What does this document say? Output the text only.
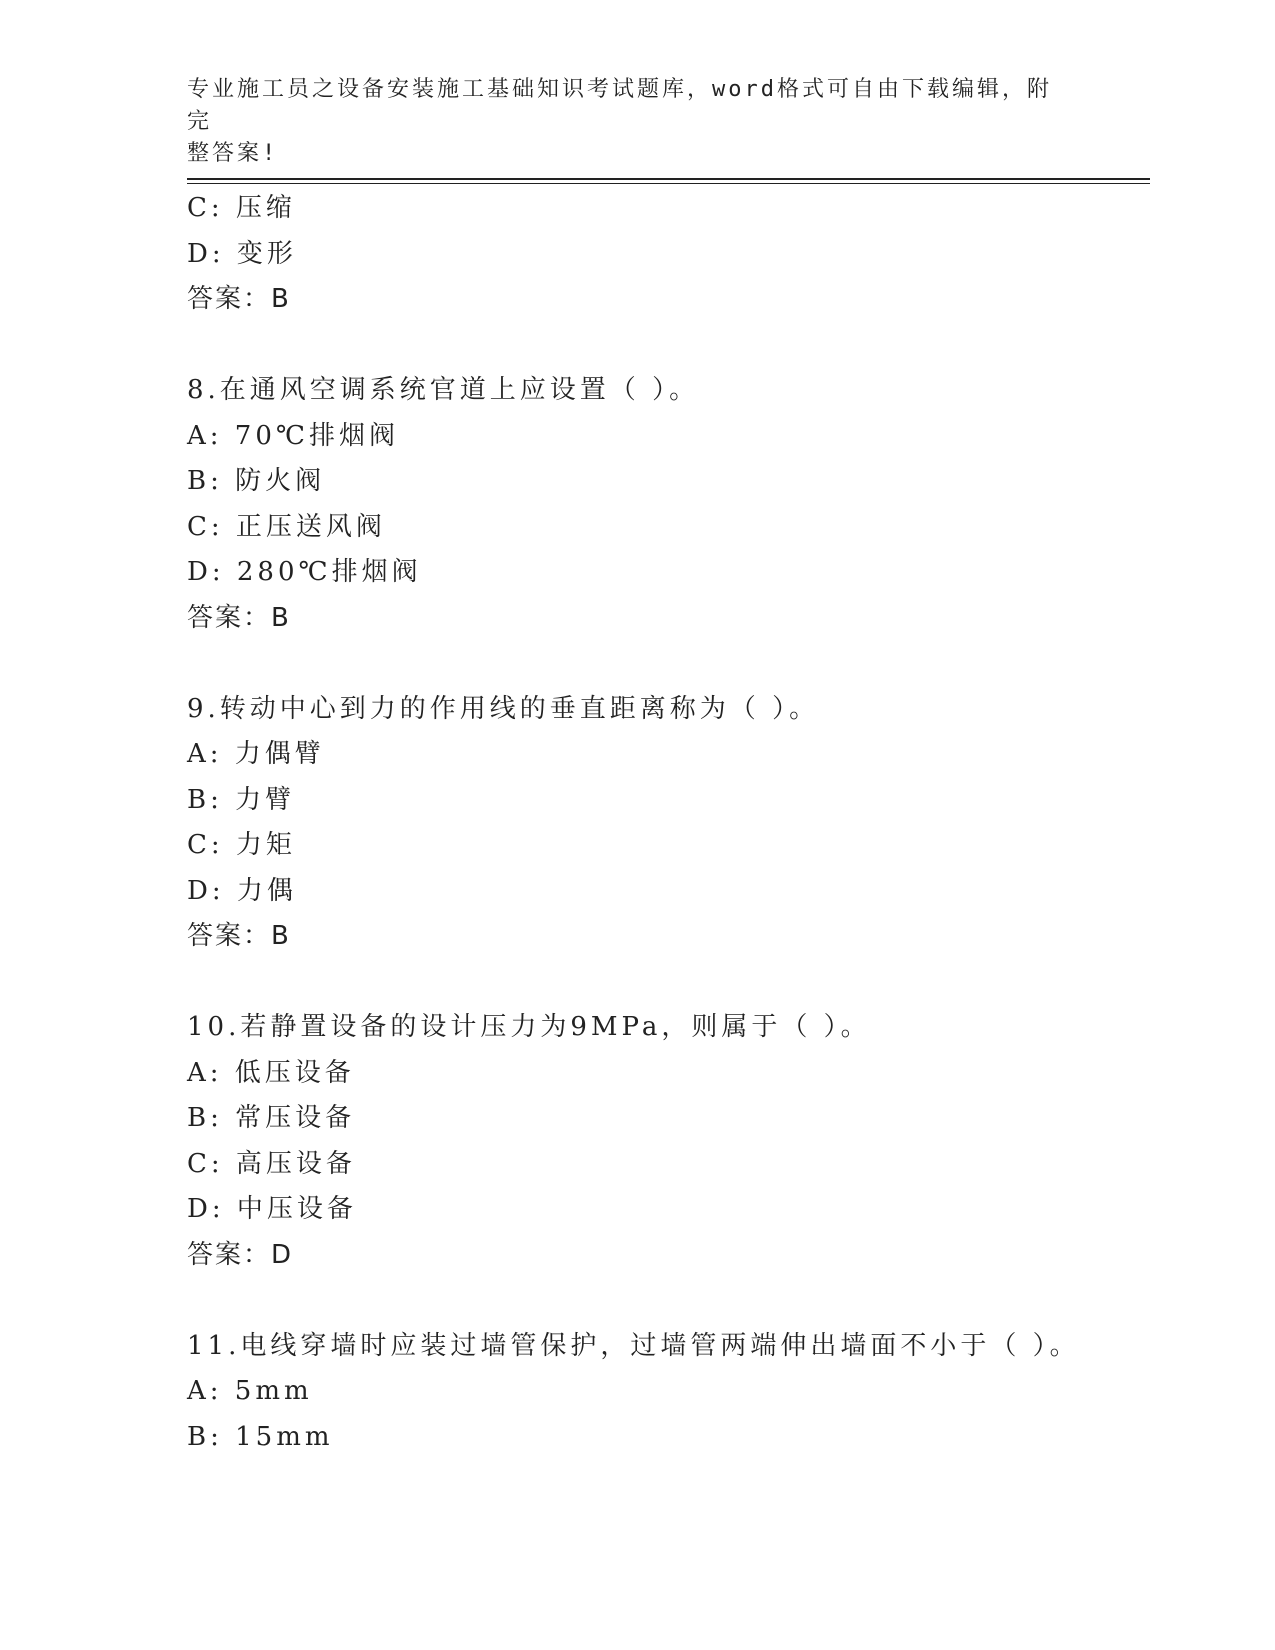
专业施工员之设备安装施工基础知识考试题库，word格式可自由下载编辑，附完
整答案!
C: 压缩
D: 变形
答案：B
8.在通风空调系统官道上应设置（ ）。
A: 70℃排烟阀
B: 防火阀
C: 正压送风阀
D: 280℃排烟阀
答案：B
9.转动中心到力的作用线的垂直距离称为（ ）。
A: 力偶臂
B: 力臂
C: 力矩
D: 力偶
答案：B
10.若静置设备的设计压力为9MPa，则属于（ ）。
A: 低压设备
B: 常压设备
C: 高压设备
D: 中压设备
答案：D
11.电线穿墙时应装过墙管保护，过墙管两端伸出墙面不小于（ ）。
A: 5mm
B: 15mm
